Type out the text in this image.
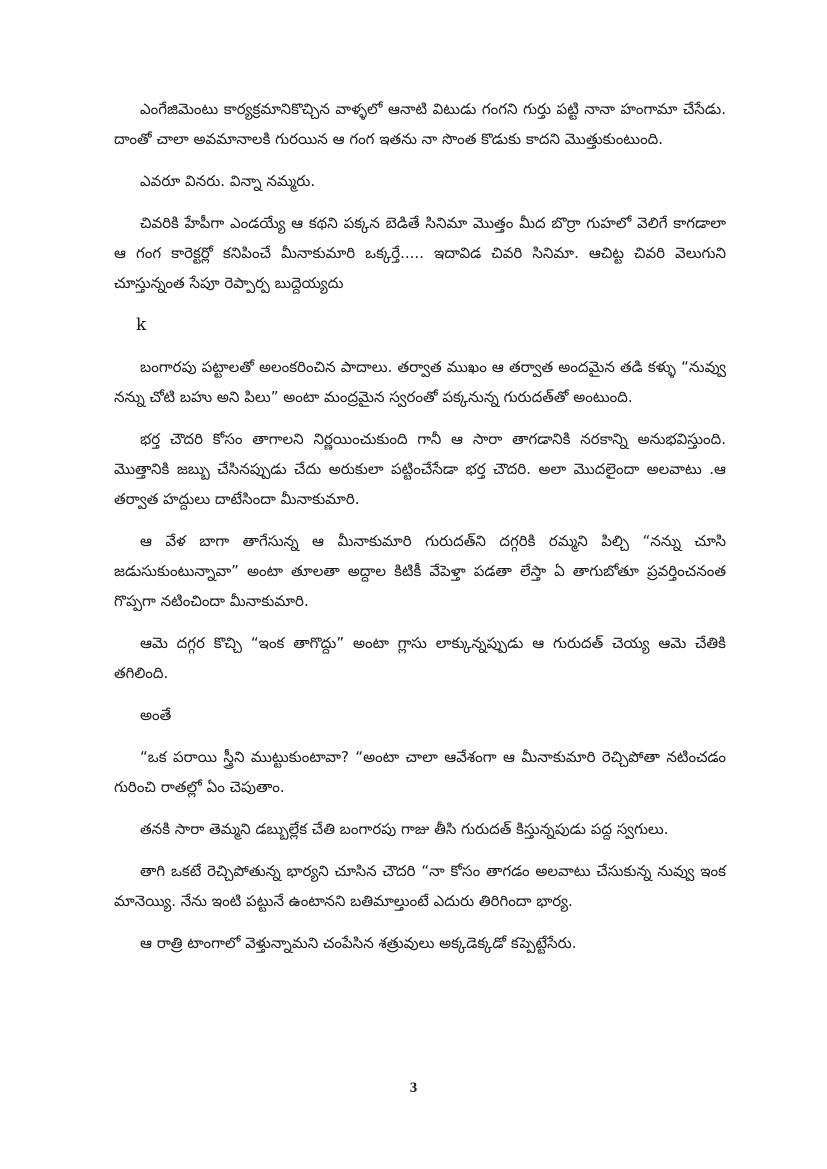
ఎంగేజిమెంటు కార్యక్రమానికొచ్చిన వాళ్ళలో ఆనాటి విటుడు గంగని గుర్తు పట్టి నానా హంగామా చేసేడు. దాంతో చాలా అవమానాలకి గురయిన ఆ గంగ ఇతను నా సొంత కొడుకు కాదని మొత్తుకుంటుంది.

ఎవరూ వినరు. విన్నా నమ్మరు.

చివరికి హేపీగా ఎండయ్యే ఆ కథని పక్కన బెడితే సినిమా మొత్తం మీద బొర్రా గుహలో వెలిగే కాగడాలా ఆ గంగ కారెక్టర్లో కనిపించే మీనాకుమారి ఒక్కర్తే..... ఇదావిడ చివరి సినిమా. ఆచిట్ట చివరి వెలుగుని చూస్తున్నంత సేపూ రెప్పార్ప బుద్దెయ్యదు

k

బంగారపు పట్టాలతో అలంకరించిన పాదాలు. తర్వాత ముఖం ఆ తర్వాత అందమైన తడి కళ్ళు “నువ్వు నన్ను చోటి బహు అని పిలు” అంటా మంద్రమైన స్వరంతో పక్కనున్న గురుదత్‌తో అంటుంది.

భర్త చౌదరి కోసం తాగాలని నిర్ణయించుకుంది గానీ ఆ సారా తాగడానికి నరకాన్ని అనుభవిస్తుంది. మొత్తానికి జబ్బు చేసినప్పుడు చేదు అరుకులా పట్టించేసేడా భర్త చౌదరి. అలా మొదలైందా అలవాటు .ఆ తర్వాత హద్దులు దాటేసిందా మీనాకుమారి.

ఆ వేళ బాగా తాగేసున్న ఆ మీనాకుమారి గురుదత్‌ని దగ్గరికి రమ్మని పిల్చి “నన్ను చూసి జడుసుకుంటున్నావా” అంటా తూలతా అద్దాల కిటికీ వేపెళ్తా పడతా లేస్తా ఏ తాగుబోతూ ప్రవర్తించనంత గొప్పగా నటించిందా మీనాకుమారి.

ఆమె దగ్గర కొచ్చి “ఇంక తాగొద్దు” అంటా గ్లాసు లాక్కున్నప్పుడు ఆ గురుదత్ చెయ్య ఆమె చేతికి తగిలింది.

అంతే

“ఒక పరాయి స్త్రీని ముట్టుకుంటావా? “అంటా చాలా ఆవేశంగా ఆ మీనాకుమారి రెచ్చిపోతా నటించడం గురించి రాతల్లో ఏం చెపుతాం.

తనకి సారా తెమ్మని డబ్బుల్లేక చేతి బంగారపు గాజు తీసి గురుదత్ కిస్తున్నపుడు పద్ద స్వగులు.

తాగి ఒకటే రెచ్చిపోతున్న భార్యని చూసిన చౌదరి “నా కోసం తాగడం అలవాటు చేసుకున్న నువ్వు ఇంక మానెయ్యి. నేను ఇంటి పట్టునే ఉంటానని బతిమాల్తుంటే ఎదురు తిరిగిందా భార్య.

ఆ రాత్రి టాంగాలో వెళ్తున్నామని చంపేసిన శత్రువులు అక్కడెక్కడో కప్పెట్టేసేరు.

3
